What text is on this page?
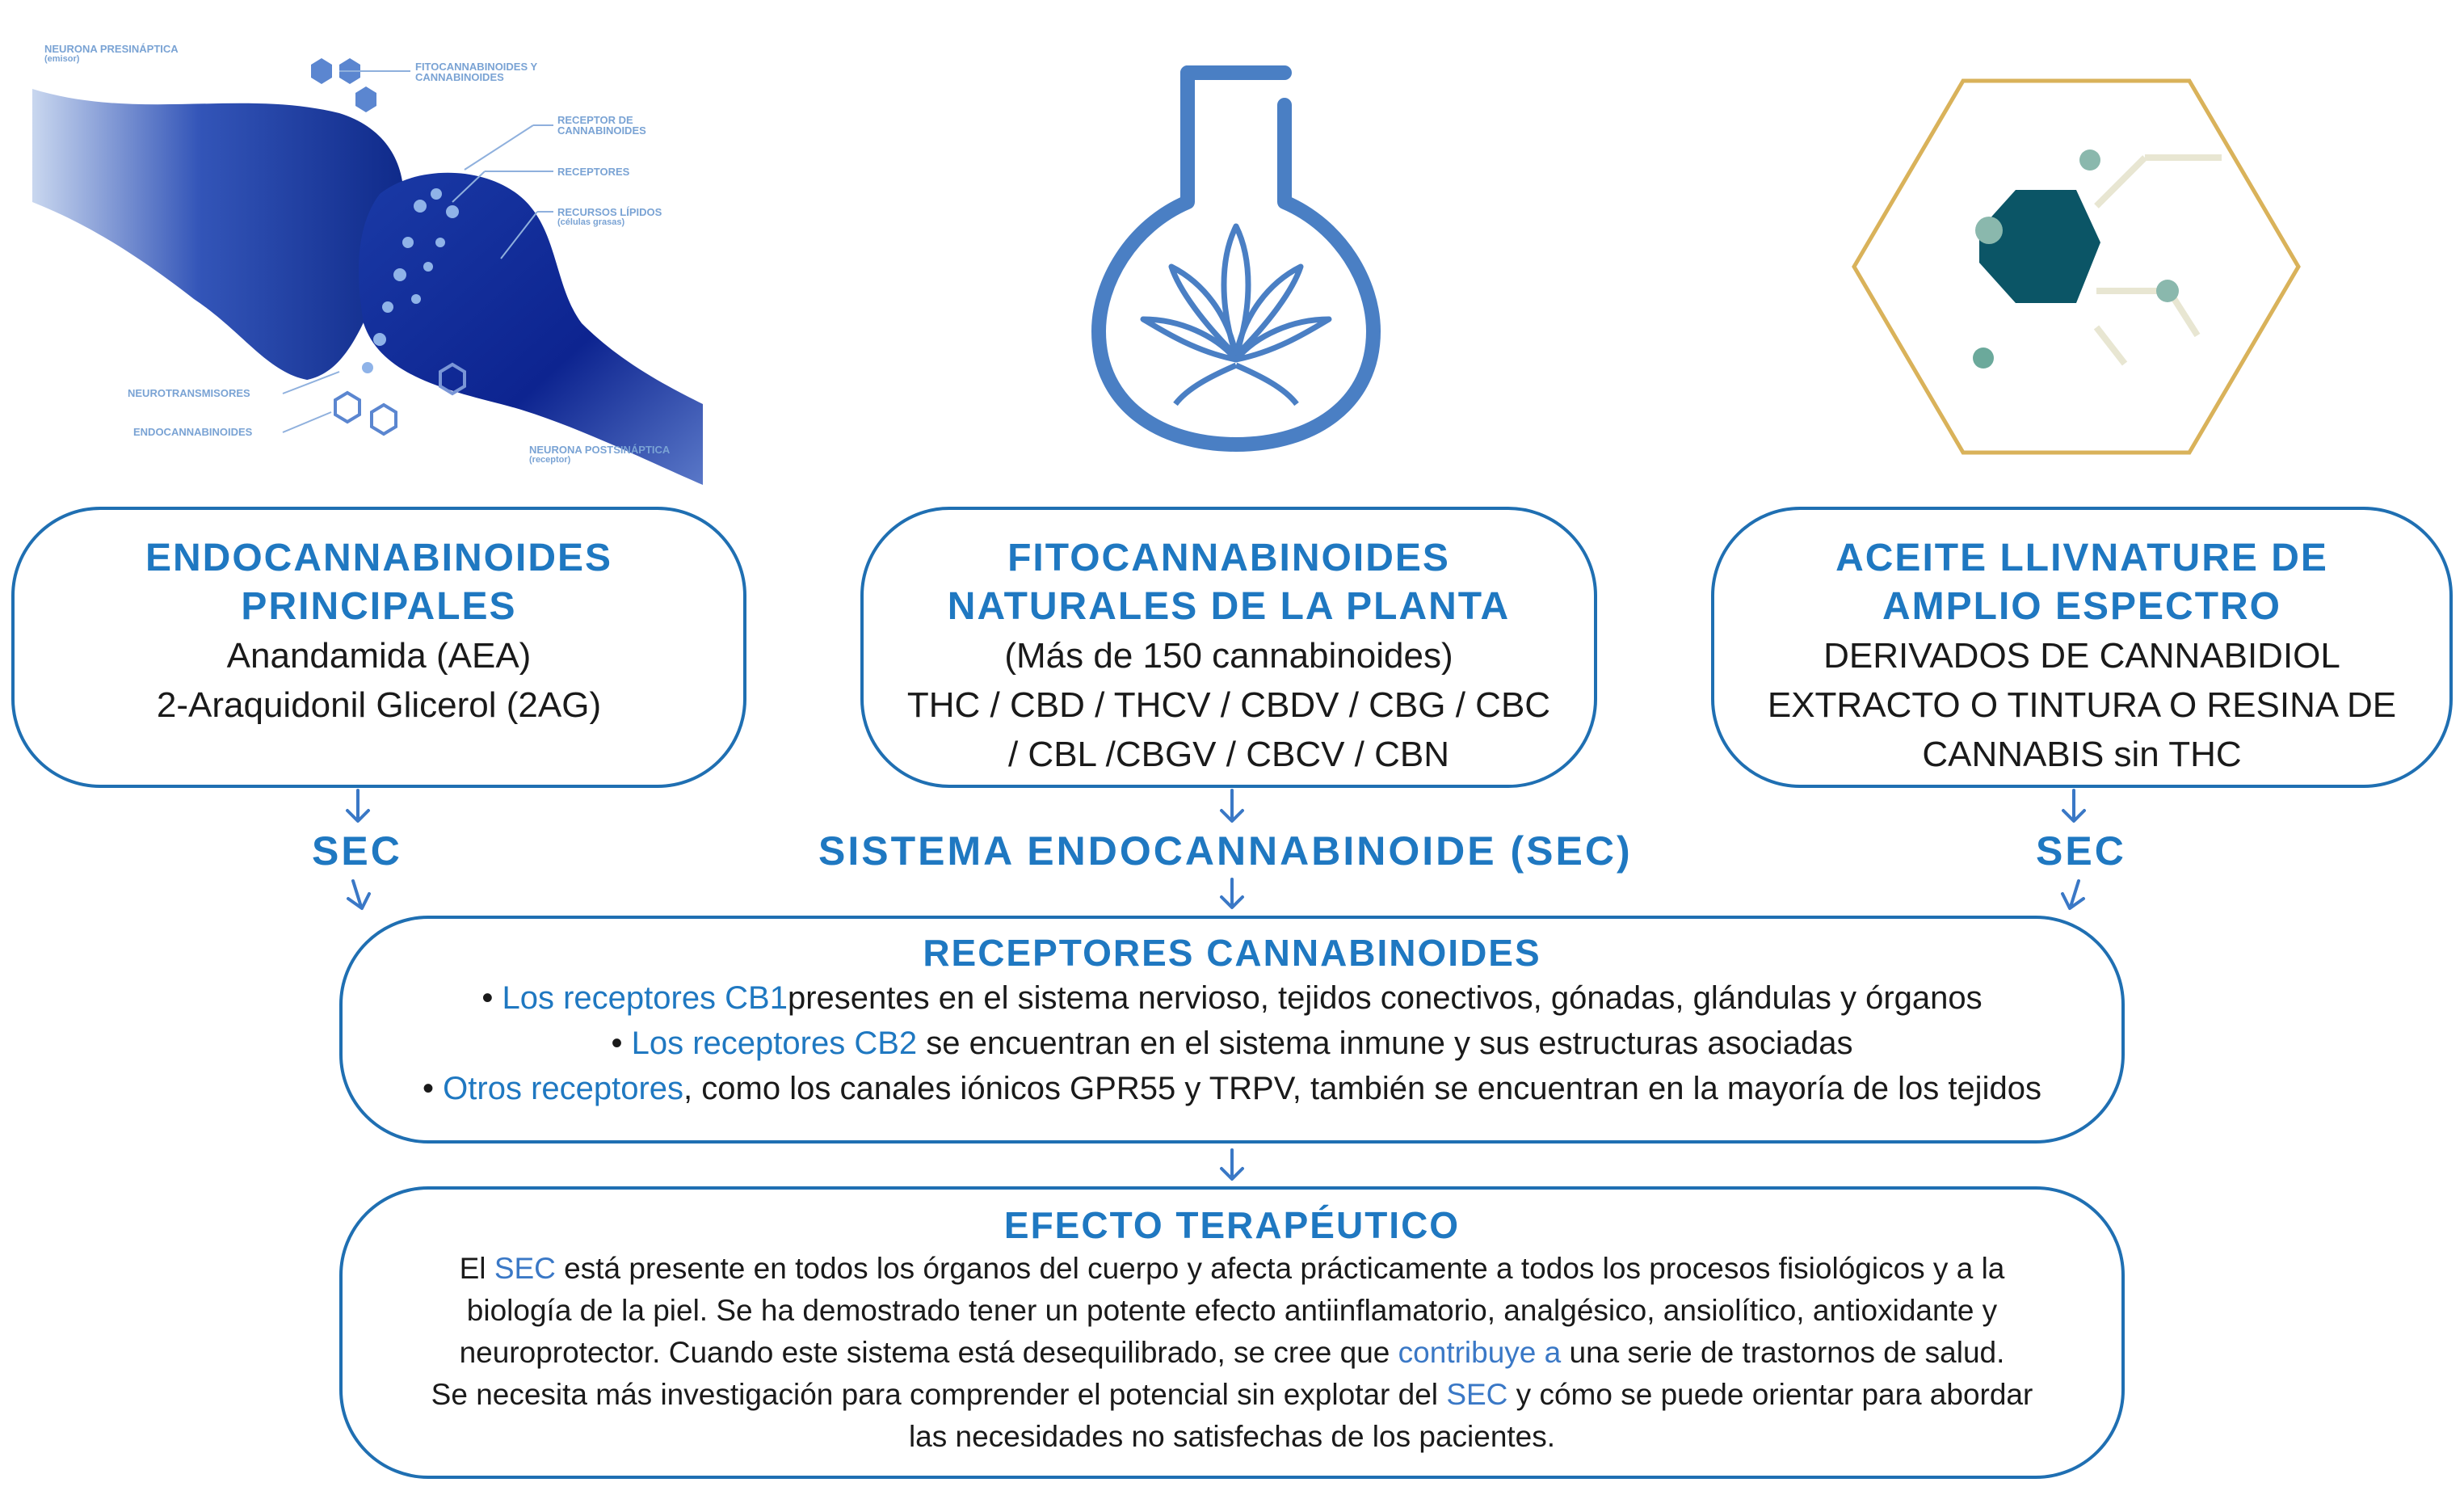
NEURONA PRESINÁPTICA
(emisor)
FITOCANNABINOIDES Y CANNABINOIDES
RECEPTOR DE CANNABINOIDES
RECEPTORES
RECURSOS LÍPIDOS
(células grasas)
NEUROTRANSMISORES
ENDOCANNABINOIDES
NEURONA POSTSINÁPTICA
(receptor)
ENDOCANNABINOIDES
PRINCIPALES
Anandamida (AEA)
2-Araquidonil Glicerol (2AG)
FITOCANNABINOIDES
NATURALES DE LA PLANTA
(Más de 150 cannabinoides)
THC / CBD / THCV / CBDV / CBG / CBC
/ CBL /CBGV / CBCV / CBN
ACEITE LLIVNATURE DE
AMPLIO ESPECTRO
DERIVADOS DE CANNABIDIOL
EXTRACTO O TINTURA O RESINA DE
CANNABIS sin THC
SEC	SISTEMA ENDOCANNABINOIDE (SEC)	SEC
RECEPTORES CANNABINOIDES
• Los receptores CB1presentes en el sistema nervioso, tejidos conectivos, gónadas, glándulas y órganos
• Los receptores CB2 se encuentran en el sistema inmune y sus estructuras asociadas
• Otros receptores, como los canales iónicos GPR55 y TRPV, también se encuentran en la mayoría de los tejidos
EFECTO TERAPÉUTICO
El SEC está presente en todos los órganos del cuerpo y afecta prácticamente a todos los procesos fisiológicos y a la
biología de la piel. Se ha demostrado tener un potente efecto antiinflamatorio, analgésico, ansiolítico, antioxidante y
neuroprotector. Cuando este sistema está desequilibrado, se cree que contribuye a una serie de trastornos de salud.
Se necesita más investigación para comprender el potencial sin explotar del SEC y cómo se puede orientar para abordar
las necesidades no satisfechas de los pacientes.
